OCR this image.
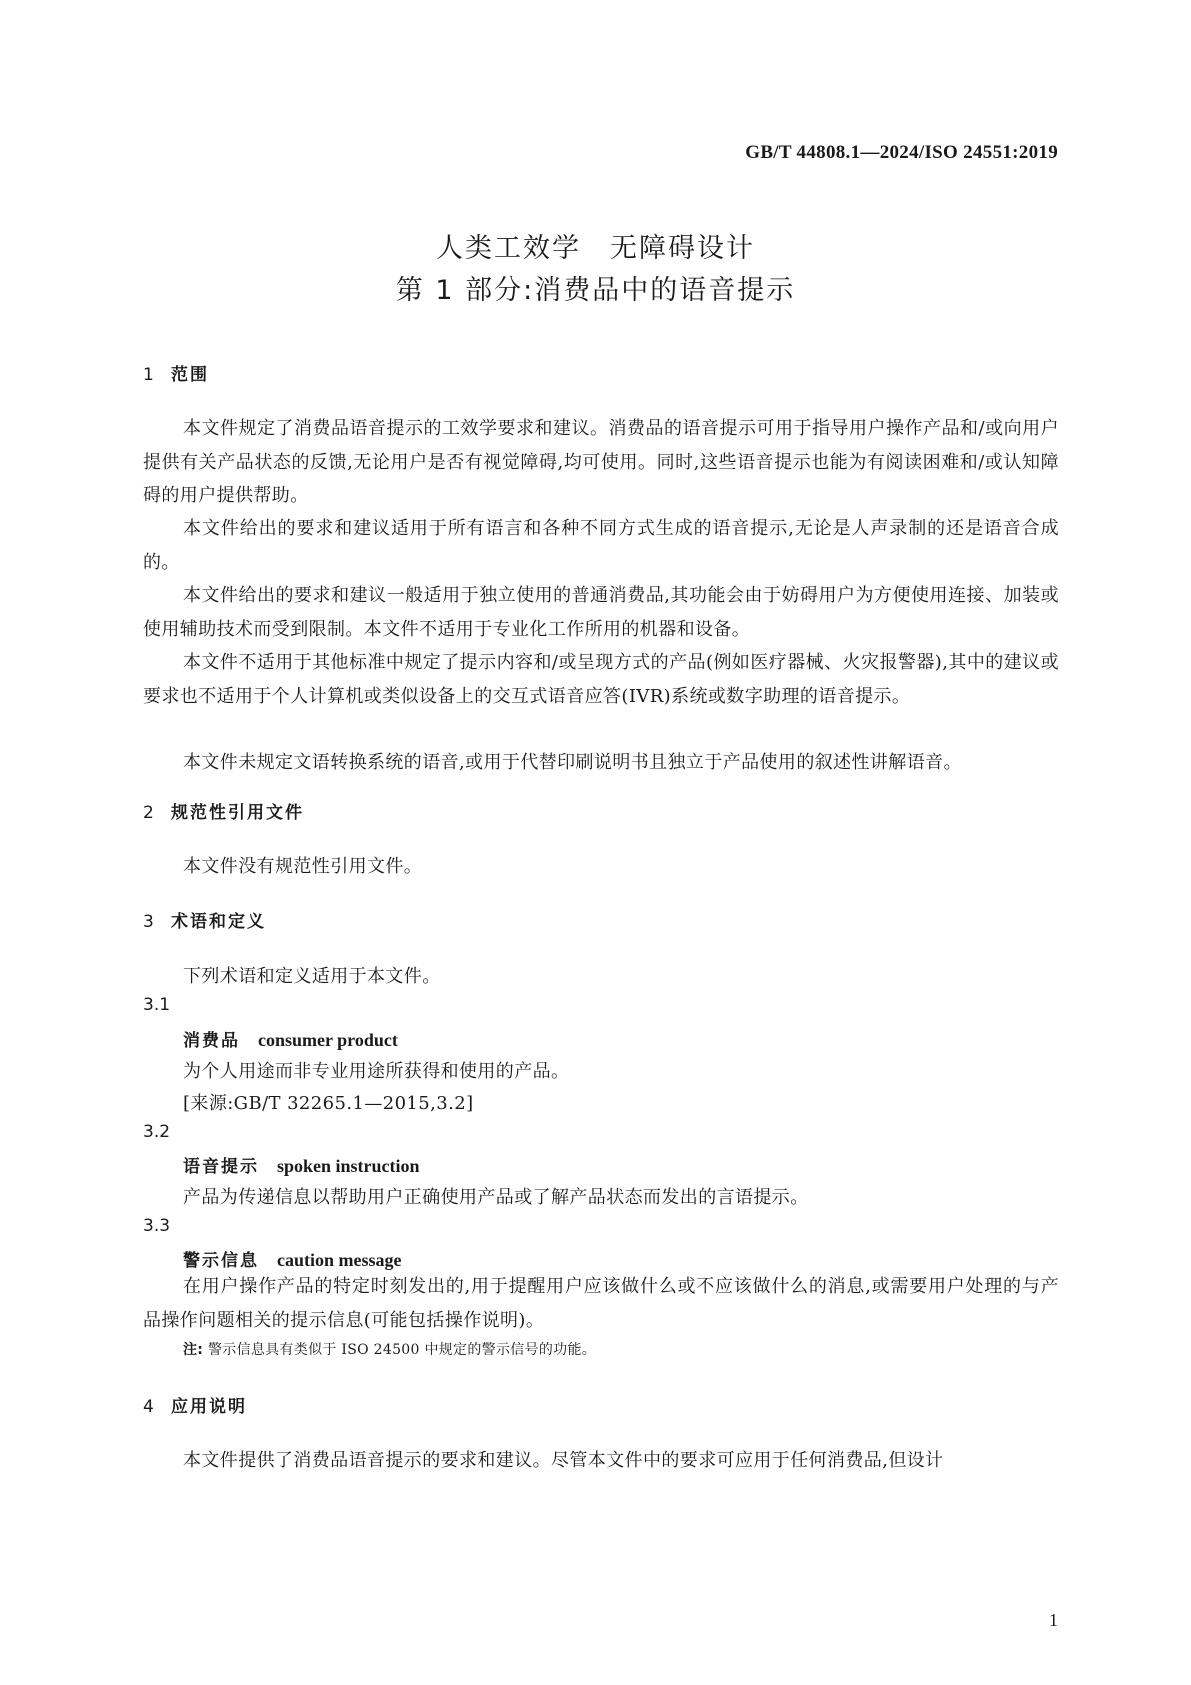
GB/T 44808.1—2024/ISO 24551:2019
人类工效学　无障碍设计
第 1 部分:消费品中的语音提示
1 范围
本文件规定了消费品语音提示的工效学要求和建议。消费品的语音提示可用于指导用户操作产品和/或向用户提供有关产品状态的反馈,无论用户是否有视觉障碍,均可使用。同时,这些语音提示也能为有阅读困难和/或认知障碍的用户提供帮助。
本文件给出的要求和建议适用于所有语言和各种不同方式生成的语音提示,无论是人声录制的还是语音合成的。
本文件给出的要求和建议一般适用于独立使用的普通消费品,其功能会由于妨碍用户为方便使用连接、加装或使用辅助技术而受到限制。本文件不适用于专业化工作所用的机器和设备。
本文件不适用于其他标准中规定了提示内容和/或呈现方式的产品(例如医疗器械、火灾报警器),其中的建议或要求也不适用于个人计算机或类似设备上的交互式语音应答(IVR)系统或数字助理的语音提示。
本文件未规定文语转换系统的语音,或用于代替印刷说明书且独立于产品使用的叙述性讲解语音。
2 规范性引用文件
本文件没有规范性引用文件。
3 术语和定义
下列术语和定义适用于本文件。
3.1
消费品 consumer product
为个人用途而非专业用途所获得和使用的产品。
[来源:GB/T 32265.1—2015,3.2]
3.2
语音提示 spoken instruction
产品为传递信息以帮助用户正确使用产品或了解产品状态而发出的言语提示。
3.3
警示信息 caution message
在用户操作产品的特定时刻发出的,用于提醒用户应该做什么或不应该做什么的消息,或需要用户处理的与产品操作问题相关的提示信息(可能包括操作说明)。
注: 警示信息具有类似于 ISO 24500 中规定的警示信号的功能。
4 应用说明
本文件提供了消费品语音提示的要求和建议。尽管本文件中的要求可应用于任何消费品,但设计
1
